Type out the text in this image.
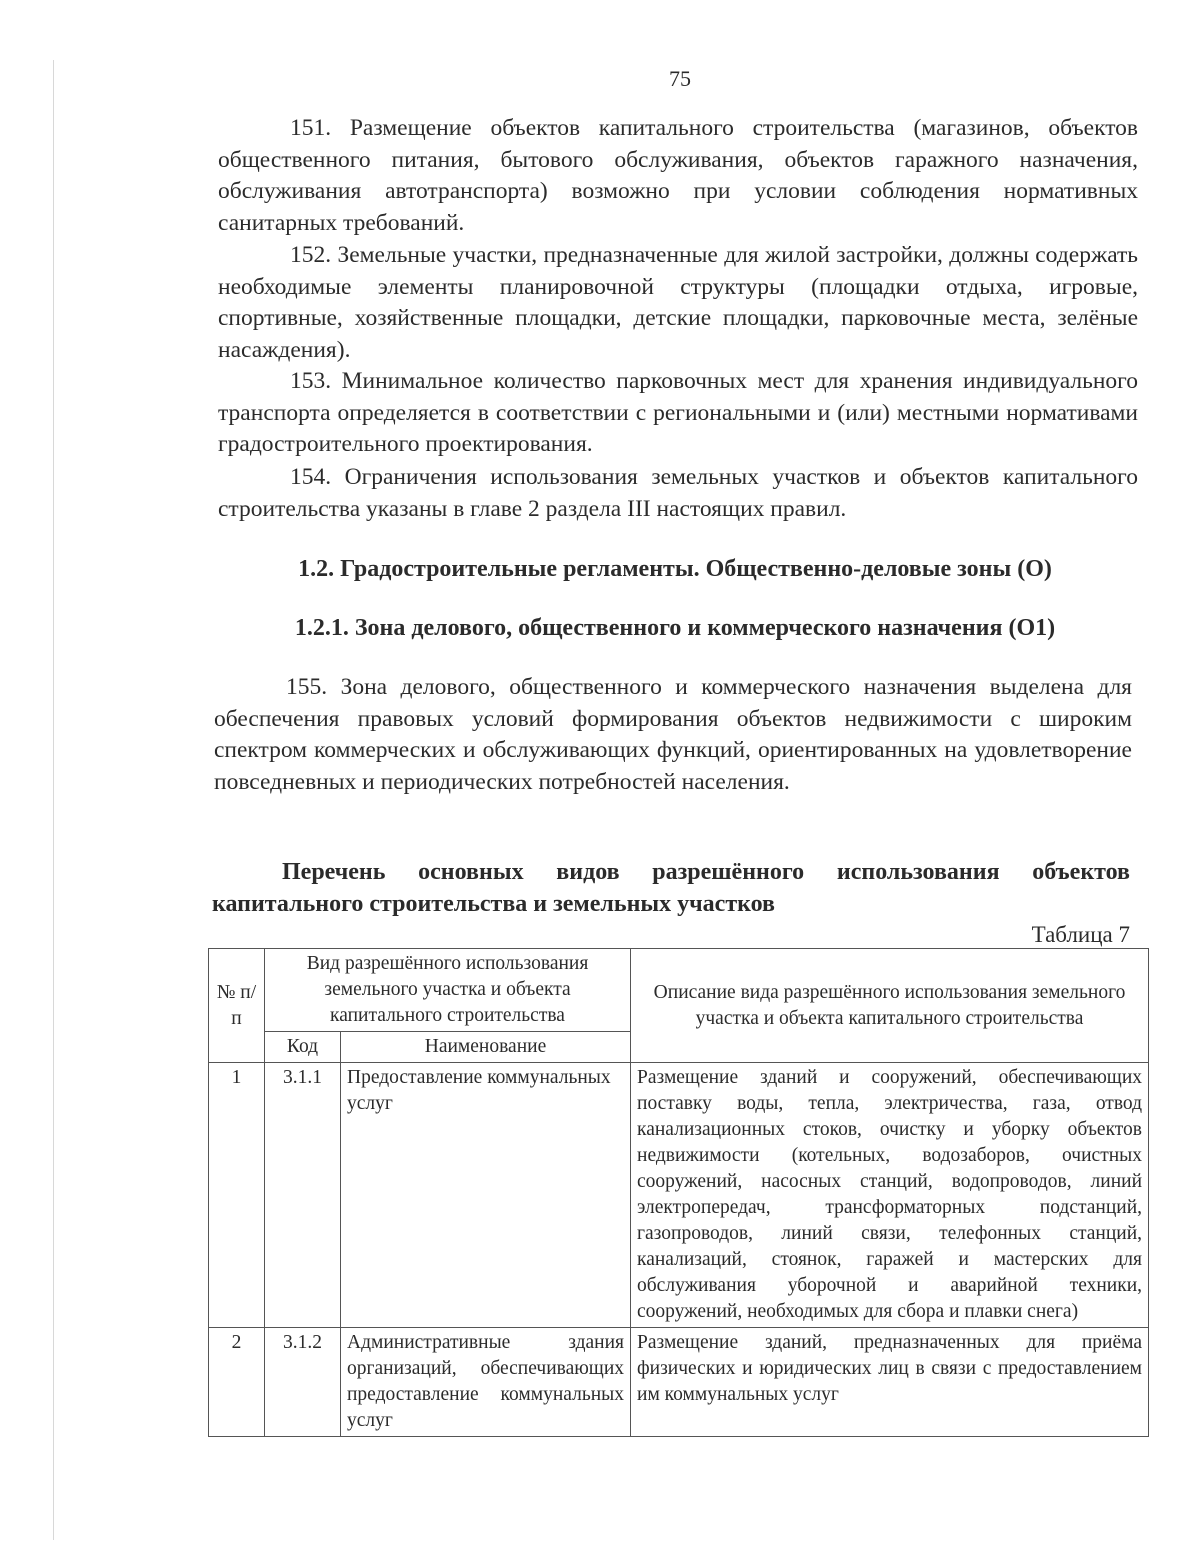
75

151. Размещение объектов капитального строительства (магазинов, объектов общественного питания, бытового обслуживания, объектов гаражного назначения, обслуживания автотранспорта) возможно при условии соблюдения нормативных санитарных требований.

152. Земельные участки, предназначенные для жилой застройки, должны содержать необходимые элементы планировочной структуры (площадки отдыха, игровые, спортивные, хозяйственные площадки, детские площадки, парковочные места, зелёные насаждения).

153. Минимальное количество парковочных мест для хранения индивидуального транспорта определяется в соответствии с региональными и (или) местными нормативами градостроительного проектирования.

154. Ограничения использования земельных участков и объектов капитального строительства указаны в главе 2 раздела III настоящих правил.

1.2. Градостроительные регламенты. Общественно-деловые зоны (О)
1.2.1. Зона делового, общественного и коммерческого назначения (О1)

155. Зона делового, общественного и коммерческого назначения выделена для обеспечения правовых условий формирования объектов недвижимости с широким спектром коммерческих и обслуживающих функций, ориентированных на удовлетворение повседневных и периодических потребностей населения.

Перечень основных видов разрешённого использования объектов капитального строительства и земельных участков

Таблица 7
№ п/п	Вид разрешённого использования земельного участка и объекта капитального строительства		Описание вида разрешённого использования земельного участка и объекта капитального строительства
	Код	Наименование	
1	3.1.1	Предоставление коммунальных услуг	Размещение зданий и сооружений, обеспечивающих поставку воды, тепла, электричества, газа, отвод канализационных стоков, очистку и уборку объектов недвижимости (котельных, водозаборов, очистных сооружений, насосных станций, водопроводов, линий электропередач, трансформаторных подстанций, газопроводов, линий связи, телефонных станций, канализаций, стоянок, гаражей и мастерских для обслуживания уборочной и аварийной техники, сооружений, необходимых для сбора и плавки снега)
2	3.1.2	Административные здания организаций, обеспечивающих предоставление коммунальных услуг	Размещение зданий, предназначенных для приёма физических и юридических лиц в связи с предоставлением им коммунальных услуг
